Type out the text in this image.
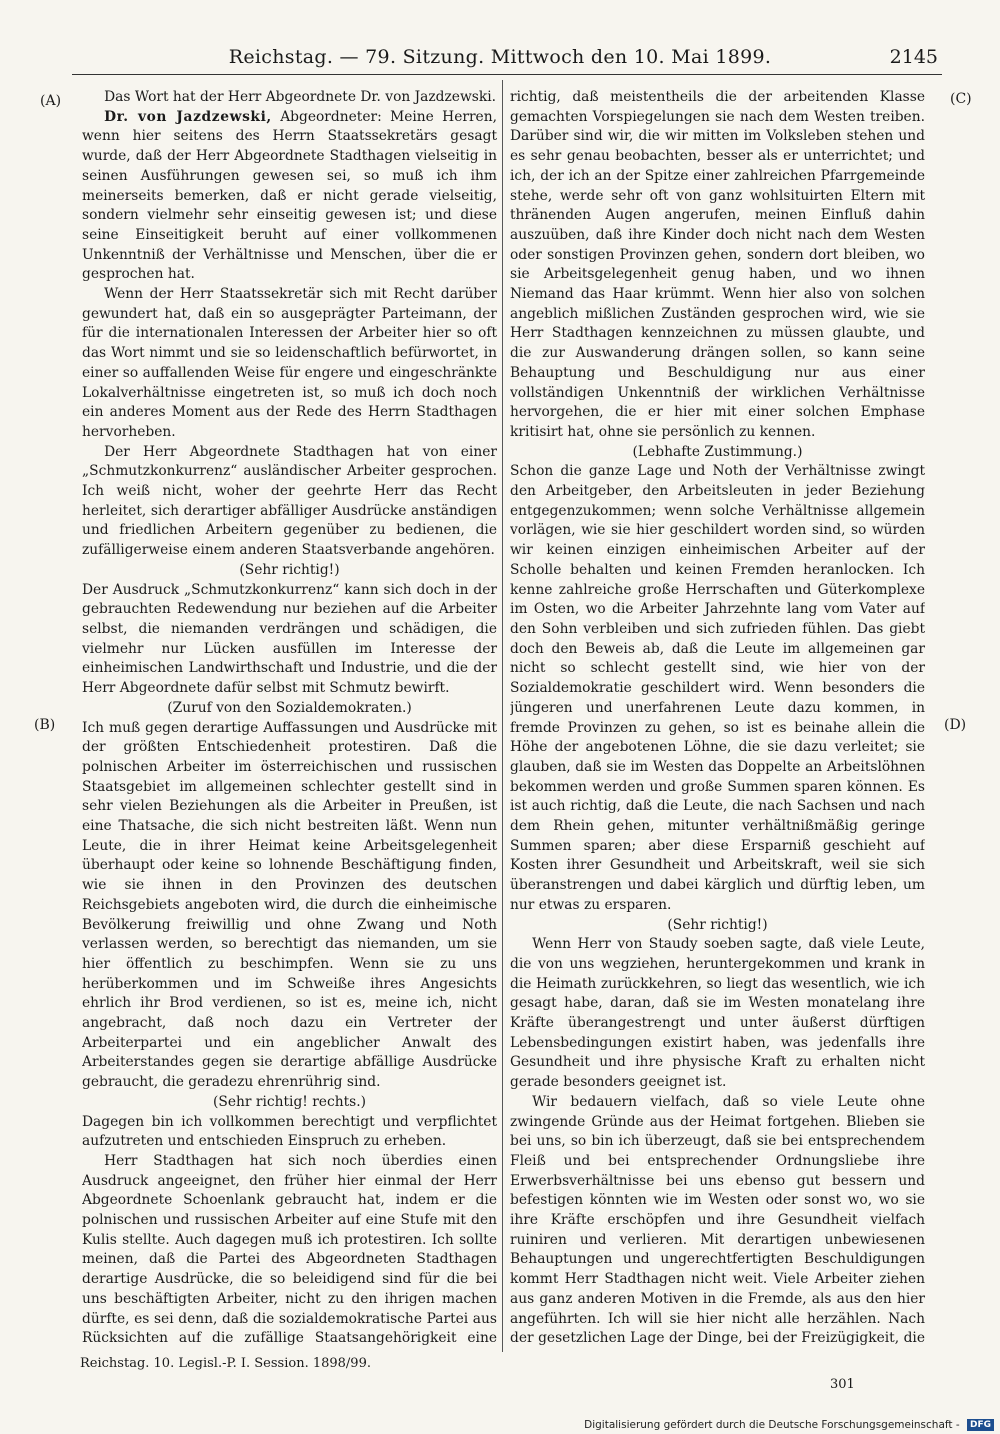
Reichstag. — 79. Sitzung. Mittwoch den 10. Mai 1899.	2145
(A)
(B)
(C)
(D)

Das Wort hat der Herr Abgeordnete Dr. von Jazdzewski.

Dr. von Jazdzewski, Abgeordneter: Meine Herren, wenn hier seitens des Herrn Staatssekretärs gesagt wurde, daß der Herr Abgeordnete Stadthagen vielseitig in seinen Ausführungen gewesen sei, so muß ich ihm meinerseits bemerken, daß er nicht gerade vielseitig, sondern vielmehr sehr einseitig gewesen ist; und diese seine Einseitigkeit beruht auf einer vollkommenen Unkenntniß der Verhältnisse und Menschen, über die er gesprochen hat.

Wenn der Herr Staatssekretär sich mit Recht darüber gewundert hat, daß ein so ausgeprägter Parteimann, der für die internationalen Interessen der Arbeiter hier so oft das Wort nimmt und sie so leidenschaftlich befürwortet, in einer so auffallenden Weise für engere und eingeschränkte Lokalverhältnisse eingetreten ist, so muß ich doch noch ein anderes Moment aus der Rede des Herrn Stadthagen hervorheben.

Der Herr Abgeordnete Stadthagen hat von einer „Schmutzkonkurrenz“ ausländischer Arbeiter gesprochen. Ich weiß nicht, woher der geehrte Herr das Recht herleitet, sich derartiger abfälliger Ausdrücke anständigen und friedlichen Arbeitern gegenüber zu bedienen, die zufälligerweise einem anderen Staatsverbande angehören.

(Sehr richtig!)

Der Ausdruck „Schmutzkonkurrenz“ kann sich doch in der gebrauchten Redewendung nur beziehen auf die Arbeiter selbst, die niemanden verdrängen und schädigen, die vielmehr nur Lücken ausfüllen im Interesse der einheimischen Landwirthschaft und Industrie, und die der Herr Abgeordnete dafür selbst mit Schmutz bewirft.

(Zuruf von den Sozialdemokraten.)

Ich muß gegen derartige Auffassungen und Ausdrücke mit der größten Entschiedenheit protestiren. Daß die polnischen Arbeiter im österreichischen und russischen Staatsgebiet im allgemeinen schlechter gestellt sind in sehr vielen Beziehungen als die Arbeiter in Preußen, ist eine Thatsache, die sich nicht bestreiten läßt. Wenn nun Leute, die in ihrer Heimat keine Arbeitsgelegenheit überhaupt oder keine so lohnende Beschäftigung finden, wie sie ihnen in den Provinzen des deutschen Reichsgebiets angeboten wird, die durch die einheimische Bevölkerung freiwillig und ohne Zwang und Noth verlassen werden, so berechtigt das niemanden, um sie hier öffentlich zu beschimpfen. Wenn sie zu uns herüberkommen und im Schweiße ihres Angesichts ehrlich ihr Brod verdienen, so ist es, meine ich, nicht angebracht, daß noch dazu ein Vertreter der Arbeiterpartei und ein angeblicher Anwalt des Arbeiterstandes gegen sie derartige abfällige Ausdrücke gebraucht, die geradezu ehrenrührig sind.

(Sehr richtig! rechts.)

Dagegen bin ich vollkommen berechtigt und verpflichtet aufzutreten und entschieden Einspruch zu erheben.

Herr Stadthagen hat sich noch überdies einen Ausdruck angeeignet, den früher hier einmal der Herr Abgeordnete Schoenlank gebraucht hat, indem er die polnischen und russischen Arbeiter auf eine Stufe mit den Kulis stellte. Auch dagegen muß ich protestiren. Ich sollte meinen, daß die Partei des Abgeordneten Stadthagen derartige Ausdrücke, die so beleidigend sind für die bei uns beschäftigten Arbeiter, nicht zu den ihrigen machen dürfte, es sei denn, daß die sozialdemokratische Partei aus Rücksichten auf die zufällige Staatsangehörigkeit eine

richtig, daß meistentheils die der arbeitenden Klasse gemachten Vorspiegelungen sie nach dem Westen treiben. Darüber sind wir, die wir mitten im Volksleben stehen und es sehr genau beobachten, besser als er unterrichtet; und ich, der ich an der Spitze einer zahlreichen Pfarrgemeinde stehe, werde sehr oft von ganz wohlsituirten Eltern mit thränenden Augen angerufen, meinen Einfluß dahin auszuüben, daß ihre Kinder doch nicht nach dem Westen oder sonstigen Provinzen gehen, sondern dort bleiben, wo sie Arbeitsgelegenheit genug haben, und wo ihnen Niemand das Haar krümmt. Wenn hier also von solchen angeblich mißlichen Zuständen gesprochen wird, wie sie Herr Stadthagen kennzeichnen zu müssen glaubte, und die zur Auswanderung drängen sollen, so kann seine Behauptung und Beschuldigung nur aus einer vollständigen Unkenntniß der wirklichen Verhältnisse hervorgehen, die er hier mit einer solchen Emphase kritisirt hat, ohne sie persönlich zu kennen.

(Lebhafte Zustimmung.)

Schon die ganze Lage und Noth der Verhältnisse zwingt den Arbeitgeber, den Arbeitsleuten in jeder Beziehung entgegenzukommen; wenn solche Verhältnisse allgemein vorlägen, wie sie hier geschildert worden sind, so würden wir keinen einzigen einheimischen Arbeiter auf der Scholle behalten und keinen Fremden heranlocken. Ich kenne zahlreiche große Herrschaften und Güterkomplexe im Osten, wo die Arbeiter Jahrzehnte lang vom Vater auf den Sohn verbleiben und sich zufrieden fühlen. Das giebt doch den Beweis ab, daß die Leute im allgemeinen gar nicht so schlecht gestellt sind, wie hier von der Sozialdemokratie geschildert wird. Wenn besonders die jüngeren und unerfahrenen Leute dazu kommen, in fremde Provinzen zu gehen, so ist es beinahe allein die Höhe der angebotenen Löhne, die sie dazu verleitet; sie glauben, daß sie im Westen das Doppelte an Arbeitslöhnen bekommen werden und große Summen sparen können. Es ist auch richtig, daß die Leute, die nach Sachsen und nach dem Rhein gehen, mitunter verhältnißmäßig geringe Summen sparen; aber diese Ersparniß geschieht auf Kosten ihrer Gesundheit und Arbeitskraft, weil sie sich überanstrengen und dabei kärglich und dürftig leben, um nur etwas zu ersparen.

(Sehr richtig!)

Wenn Herr von Staudy soeben sagte, daß viele Leute, die von uns wegziehen, heruntergekommen und krank in die Heimath zurückkehren, so liegt das wesentlich, wie ich gesagt habe, daran, daß sie im Westen monatelang ihre Kräfte überangestrengt und unter äußerst dürftigen Lebensbedingungen existirt haben, was jedenfalls ihre Gesundheit und ihre physische Kraft zu erhalten nicht gerade besonders geeignet ist.

Wir bedauern vielfach, daß so viele Leute ohne zwingende Gründe aus der Heimat fortgehen. Blieben sie bei uns, so bin ich überzeugt, daß sie bei entsprechendem Fleiß und bei entsprechender Ordnungsliebe ihre Erwerbsverhältnisse bei uns ebenso gut bessern und befestigen könnten wie im Westen oder sonst wo, wo sie ihre Kräfte erschöpfen und ihre Gesundheit vielfach ruiniren und verlieren. Mit derartigen unbewiesenen Behauptungen und ungerechtfertigten Beschuldigungen kommt Herr Stadthagen nicht weit. Viele Arbeiter ziehen aus ganz anderen Motiven in die Fremde, als aus den hier angeführten. Ich will sie hier nicht alle herzählen. Nach der gesetzlichen Lage der Dinge, bei der Freizügigkeit, die

Reichstag. 10. Legisl.-P. I. Session. 1898/99.
301
Digitalisierung gefördert durch die Deutsche Forschungsgemeinschaft - DFG
